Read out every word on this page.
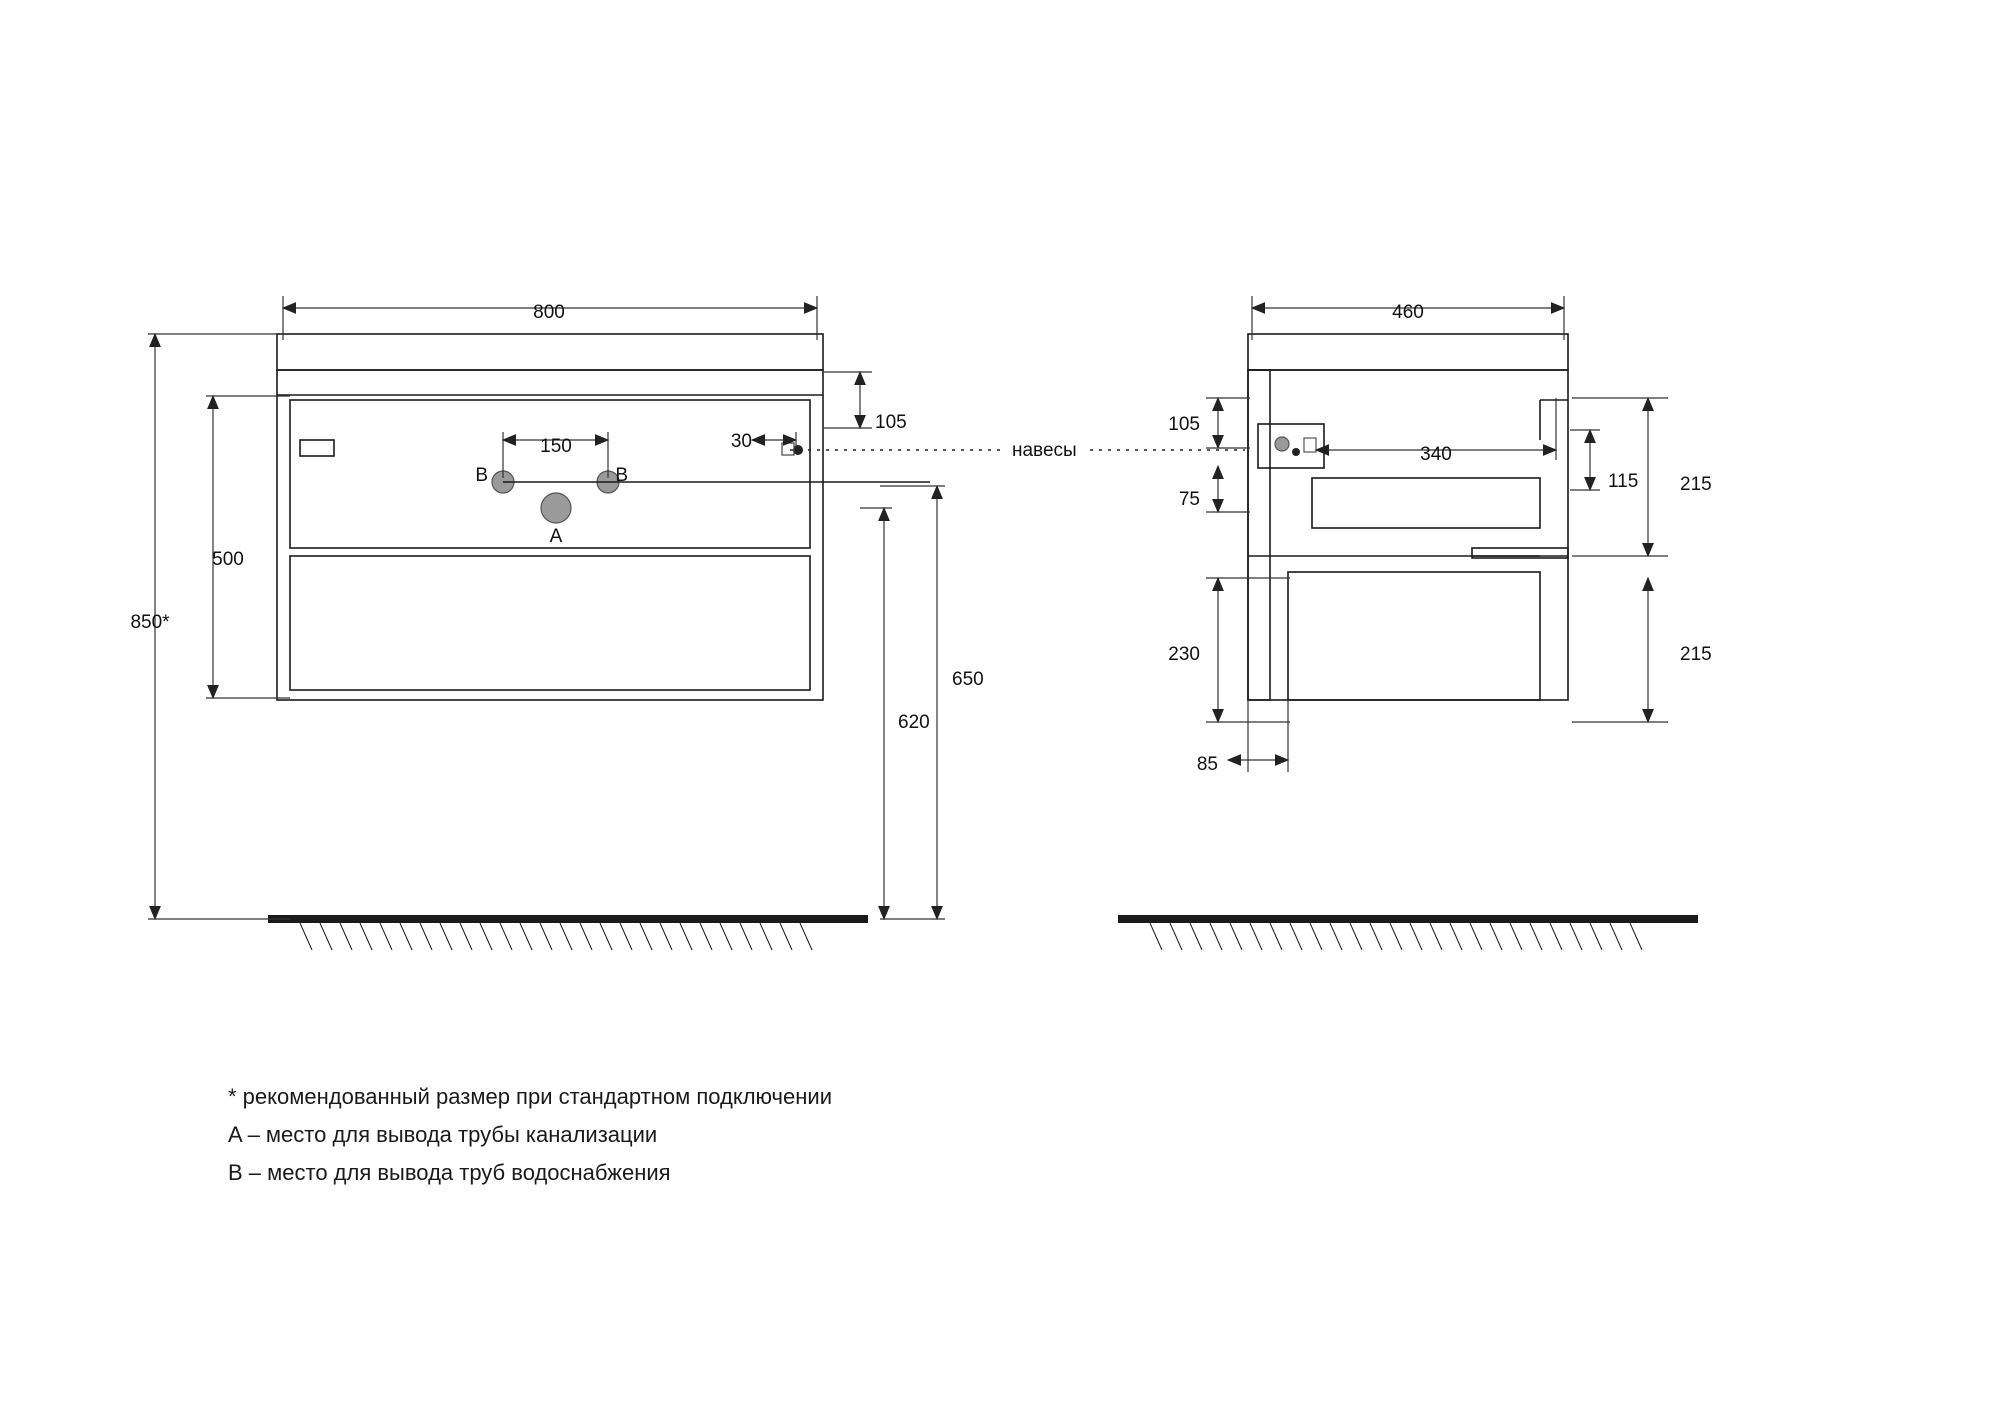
навесы
800
850*
500
105
150	30
650
620
A
B	B
460
105
75
230
85
340
115 215
215
* рекомендованный размер при стандартном подключении
A – место для вывода трубы канализации
B – место для вывода труб водоснабжения
